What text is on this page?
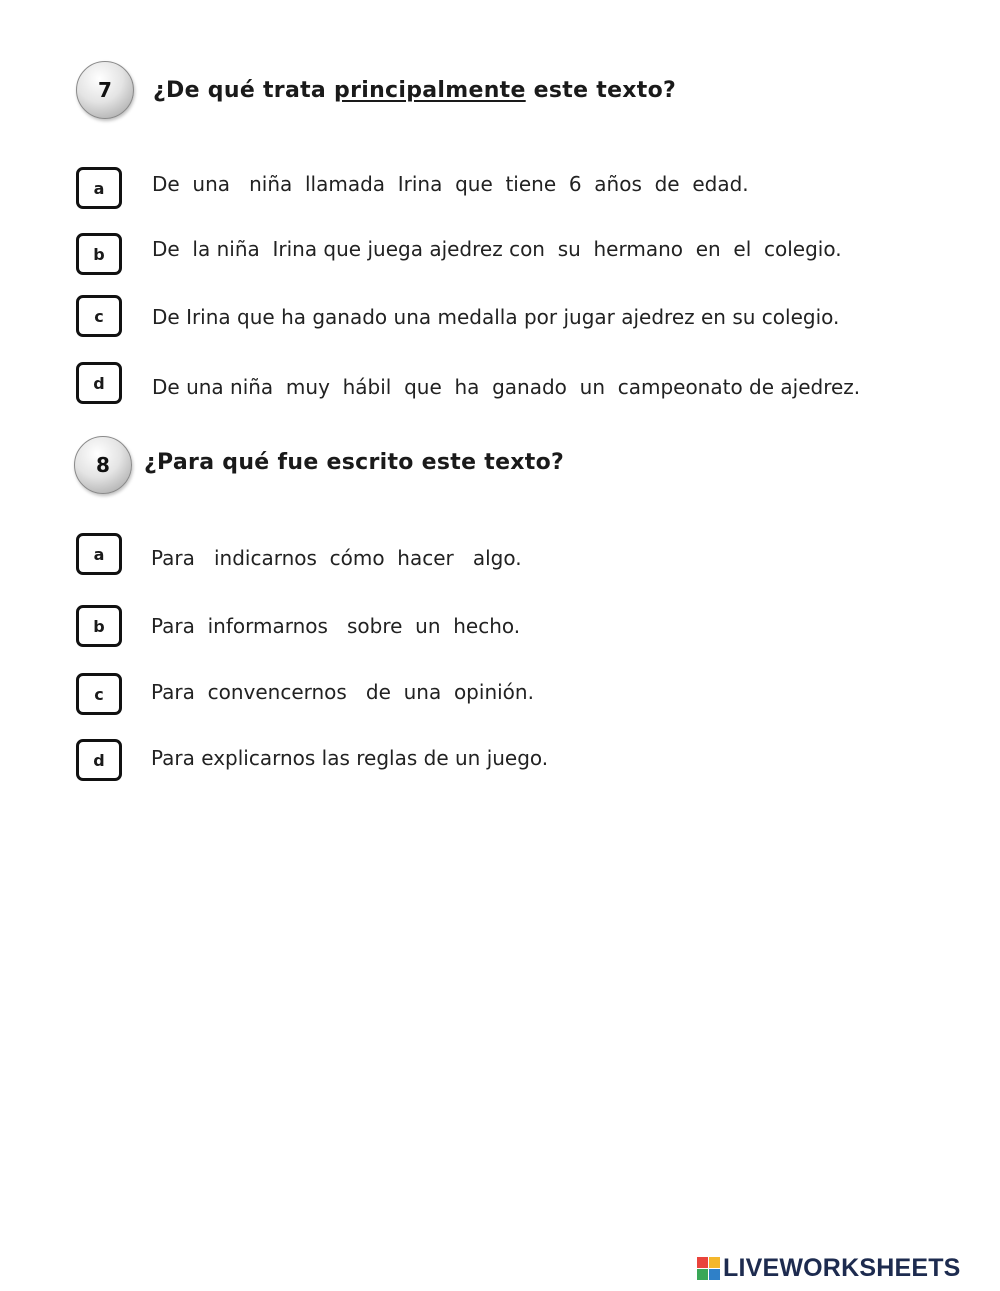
7	¿De qué trata principalmente este texto?
a	De  una   niña  llamada  Irina  que  tiene  6  años  de  edad.
b	De  la niña  Irina que juega ajedrez con  su  hermano  en  el  colegio.
c	De Irina que ha ganado una medalla por jugar ajedrez en su colegio.
d	De una niña  muy  hábil  que  ha  ganado  un  campeonato de ajedrez.
8	¿Para qué fue escrito este texto?
a	Para   indicarnos  cómo  hacer   algo.
b	Para  informarnos   sobre  un  hecho.
c	Para  convencernos   de  una  opinión.
d	Para explicarnos las reglas de un juego.
LIVEWORKSHEETS
